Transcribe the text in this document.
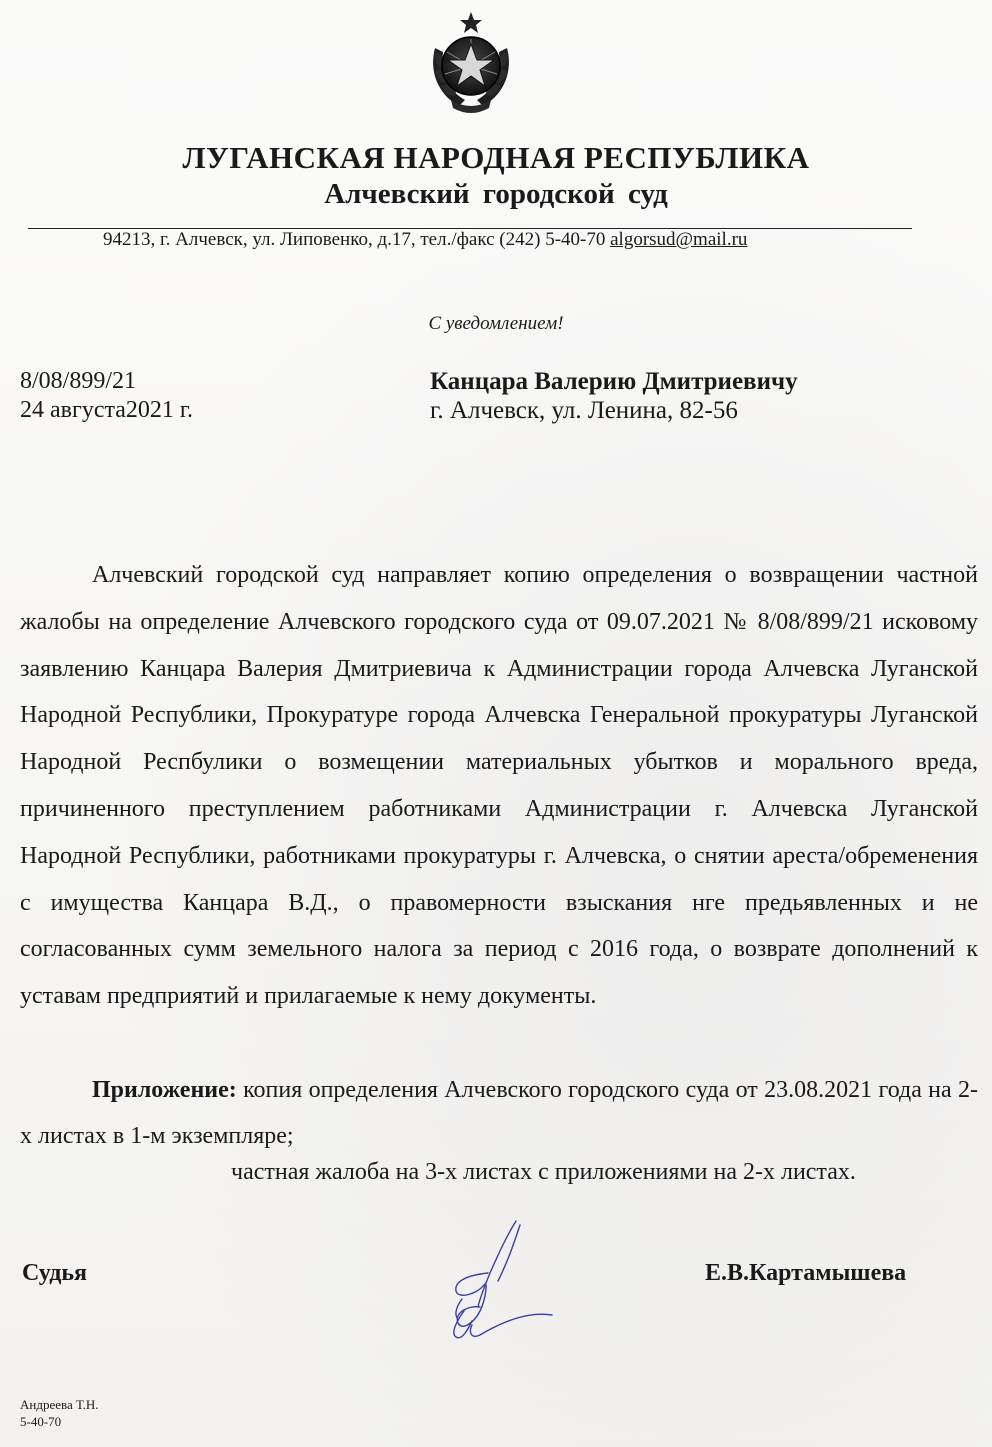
ЛУГАНСКАЯ НАРОДНАЯ РЕСПУБЛИКА
Алчевский городской суд
94213, г. Алчевск, ул. Липовенко, д.17, тел./факс (242) 5-40-70 algorsud@mail.ru
С уведомлением!
8/08/899/21
24 августа2021 г.
Канцара Валерию Дмитриевичу
г. Алчевск, ул. Ленина, 82-56

Алчевский городской суд направляет копию определения о возвращении частной жалобы на определение Алчевского городского суда от 09.07.2021 № 8/08/899/21 исковому заявлению Канцара Валерия Дмитриевича к Администрации города Алчевска Луганской Народной Республики, Прокуратуре города Алчевска Генеральной прокуратуры Луганской Народной Респбулики о возмещении материальных убытков и морального вреда, причиненного преступлением работниками Администрации г. Алчевска Луганской Народной Республики, работниками прокуратуры г. Алчевска, о снятии ареста/обременения с имущества Канцара В.Д., о правомерности взыскания нге предьявленных и не согласованных сумм земельного налога за период с 2016 года, о возврате дополнений к уставам предприятий и прилагаемые к нему документы.

Приложение: копия определения Алчевского городского суда от 23.08.2021 года на 2-х листах в 1-м экземпляре;

частная жалоба на 3-х листах с приложениями на 2-х листах.
Судья	Е.В.Картамышева
Андреева Т.Н.
5-40-70
